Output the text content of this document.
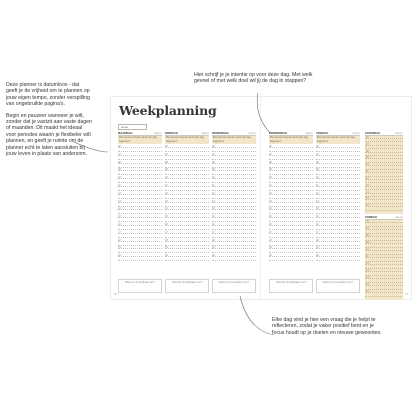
Deze planner is datumloos - dat geeft je de vrijheid om te plannen op jouw eigen tempo, zonder verspilling van ongebruikte pagina's.

Begin en pauzeer wanneer je wilt, zonder dat je vastzit aan vaste dagen of maanden. Dit maakt het ideaal voor periodes waarin je flexibeler wilt plannen, en geeft je ruimte om de planner echt te laten aansluiten bij jouw leven in plaats van andersom.

Hier schrijf je je intentie op voor deze dag. Met welk gevoel of met welk doel wil jij de dag in stappen?
Elke dag vind je hier een vraag die je helpt te reflecteren, zodat je vaker positief bent en je focus houdt op je doelen en nieuwe gewoontes.
Weekplanning
week
MAANDAG	datum
Met wat voor intentie wil ik mijn dag beginnen?
06
07
08
09
10
11
12
13
14
15
16
17
18
19
20
Waar ben ik dankbaar voor?
DINSDAG	datum
Met wat voor intentie wil ik mijn dag beginnen?
06
07
08
09
10
11
12
13
14
15
16
17
18
19
20
Waar ben ik dankbaar voor?
WOENSDAG	datum
Met wat voor intentie wil ik mijn dag beginnen?
06
07
08
09
10
11
12
13
14
15
16
17
18
19
20
Waar ben ik dankbaar voor?
DONDERDAG	datum
Met wat voor intentie wil ik mijn dag beginnen?
06
07
08
09
10
11
12
13
14
15
16
17
18
19
20
Waar ben ik dankbaar voor?
VRIJDAG	datum
Met wat voor intentie wil ik mijn dag beginnen?
06
07
08
09
10
11
12
13
14
15
16
17
18
19
20
Waar ben ik dankbaar voor?
ZATERDAG	datum
06
07
08
09
10
11
12
13
14
15
16
ZONDAG	datum
06
07
08
09
10
11
12
13
14
15
16
26	27
